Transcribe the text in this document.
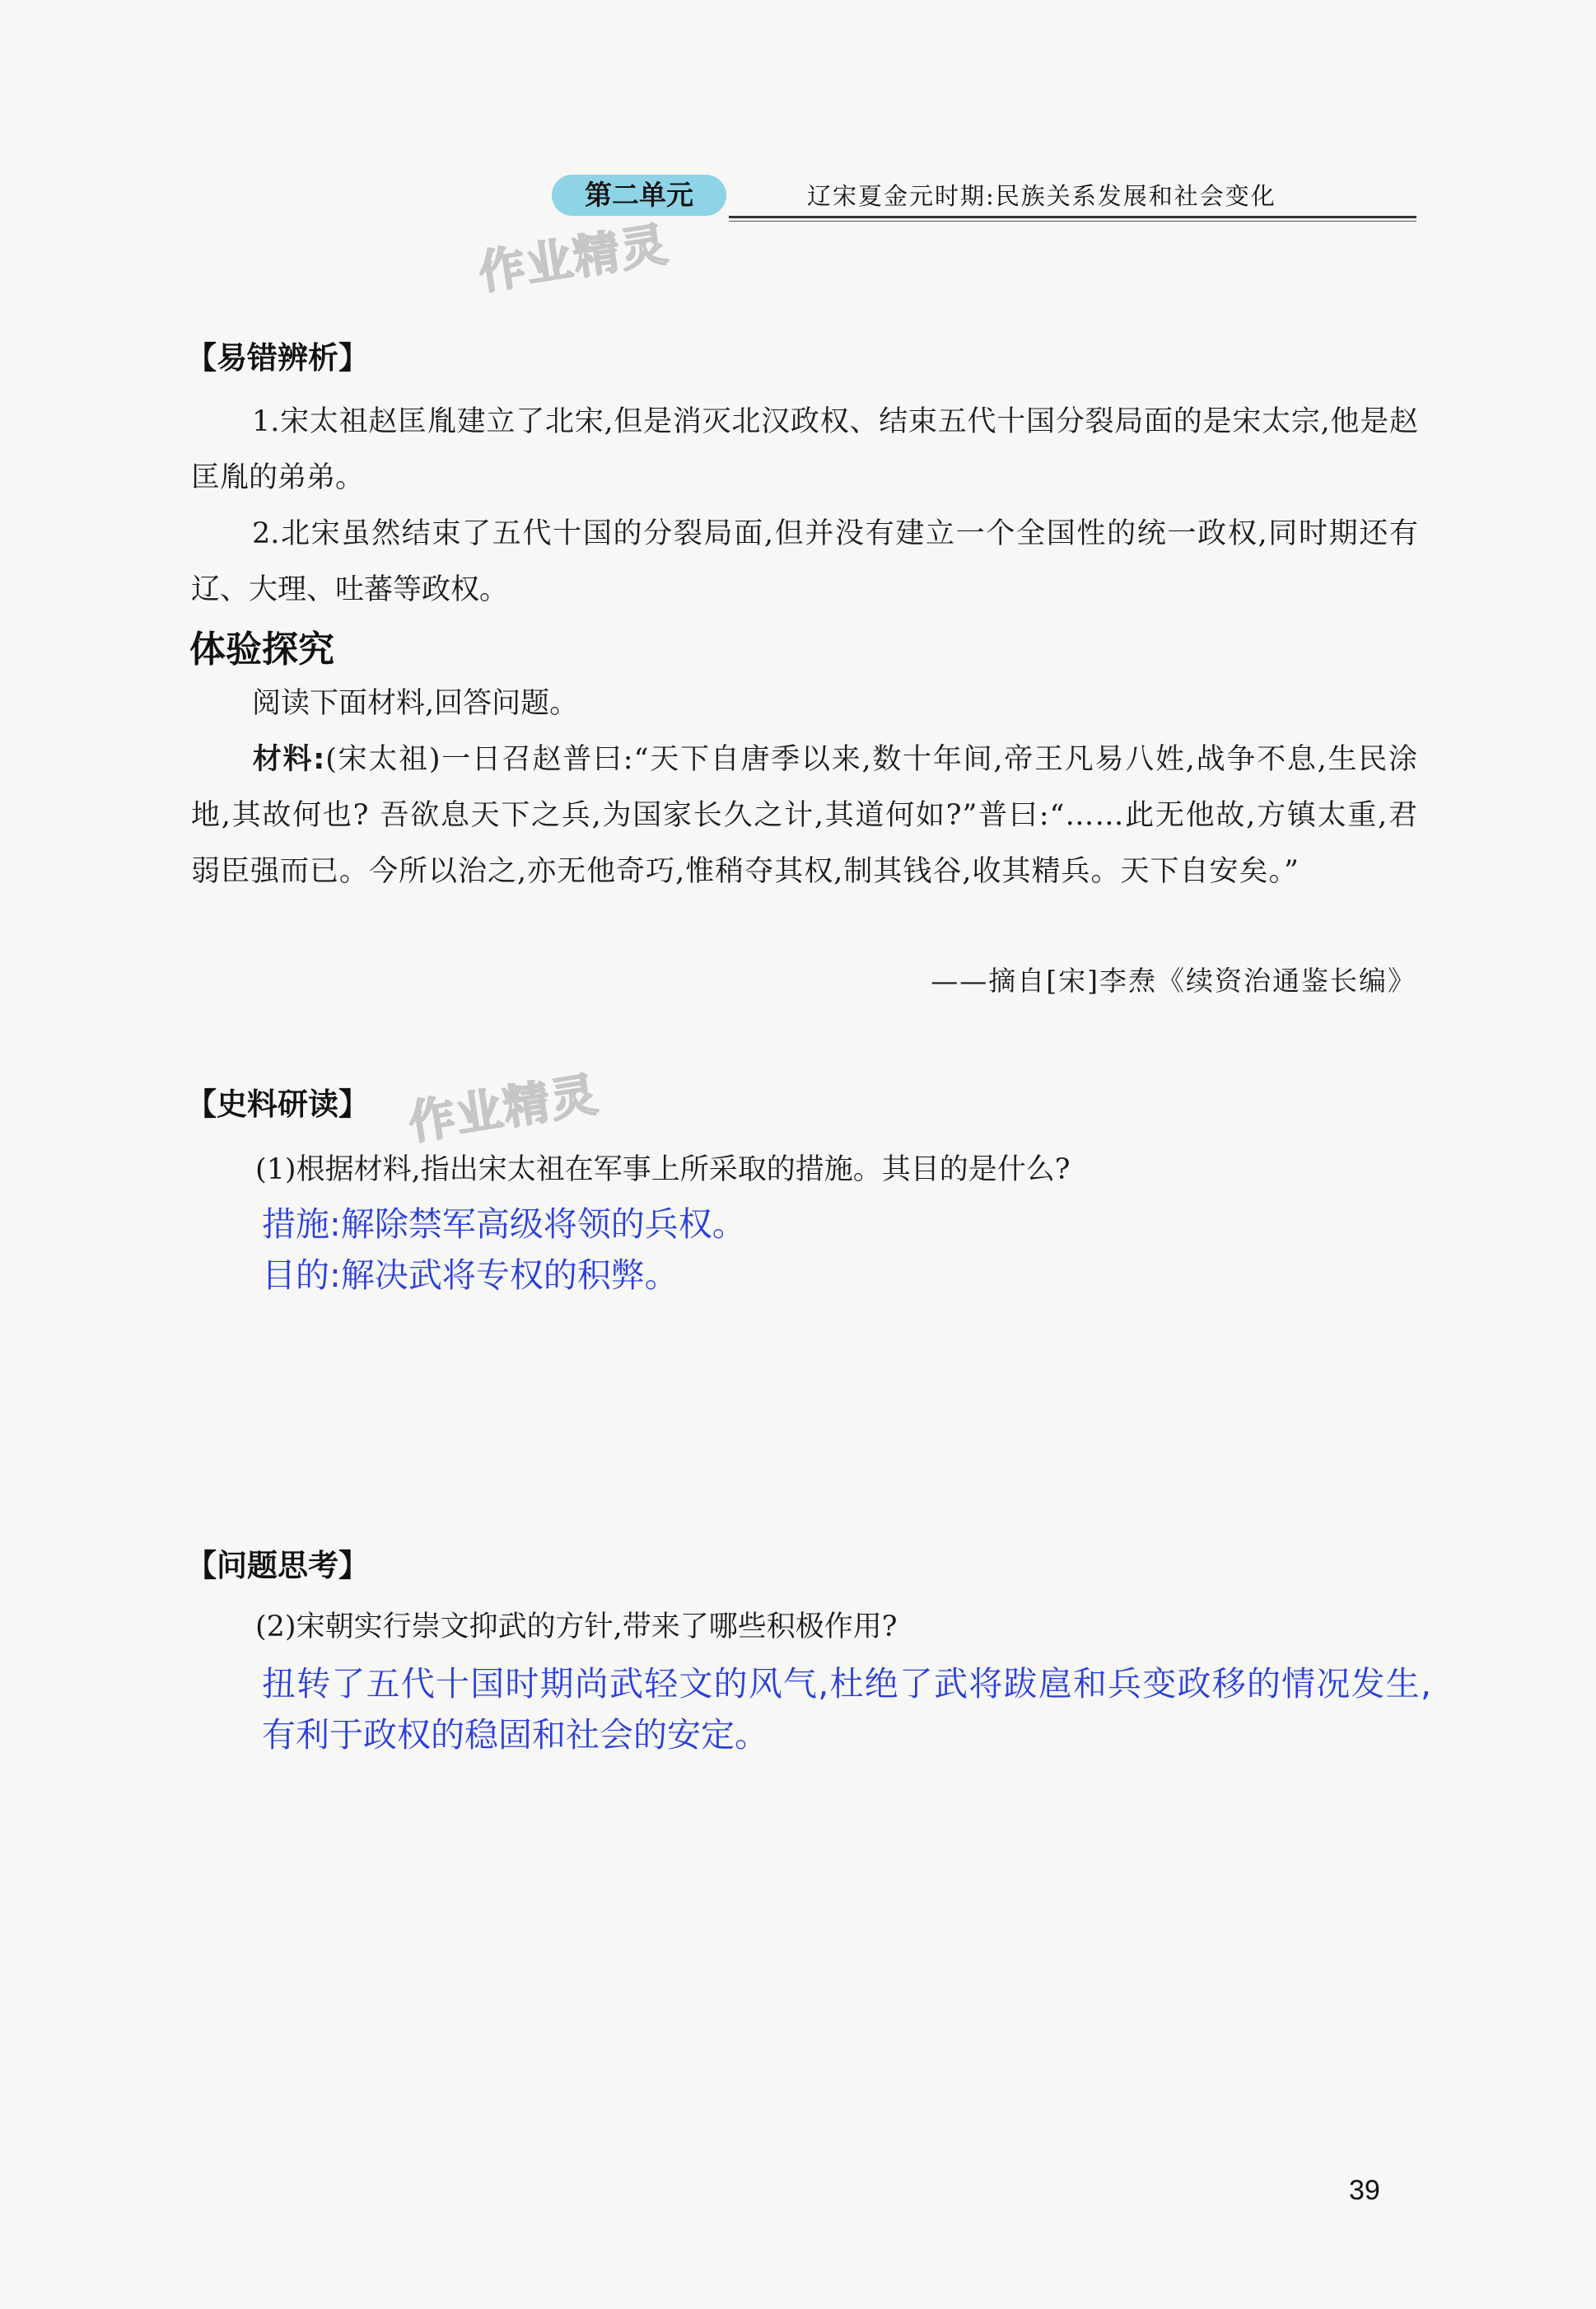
第二单元	辽宋夏金元时期:民族关系发展和社会变化
作业精灵
【易错辨析】

1.宋太祖赵匡胤建立了北宋,但是消灭北汉政权、结束五代十国分裂局面的是宋太宗,他是赵匡胤的弟弟。

2.北宋虽然结束了五代十国的分裂局面,但并没有建立一个全国性的统一政权,同时期还有辽、大理、吐蕃等政权。

体验探究

阅读下面材料,回答问题。

材料:(宋太祖)一日召赵普曰:“天下自唐季以来,数十年间,帝王凡易八姓,战争不息,生民涂地,其故何也? 吾欲息天下之兵,为国家长久之计,其道何如?”普曰:“……此无他故,方镇太重,君弱臣强而已。今所以治之,亦无他奇巧,惟稍夺其权,制其钱谷,收其精兵。天下自安矣。”

——摘自[宋]李焘《续资治通鉴长编》
【史料研读】 作业精灵
(1)根据材料,指出宋太祖在军事上所采取的措施。其目的是什么?

措施:解除禁军高级将领的兵权。

目的:解决武将专权的积弊。

【问题思考】
(2)宋朝实行崇文抑武的方针,带来了哪些积极作用?

扭转了五代十国时期尚武轻文的风气,杜绝了武将跋扈和兵变政移的情况发生,有利于政权的稳固和社会的安定。

39
